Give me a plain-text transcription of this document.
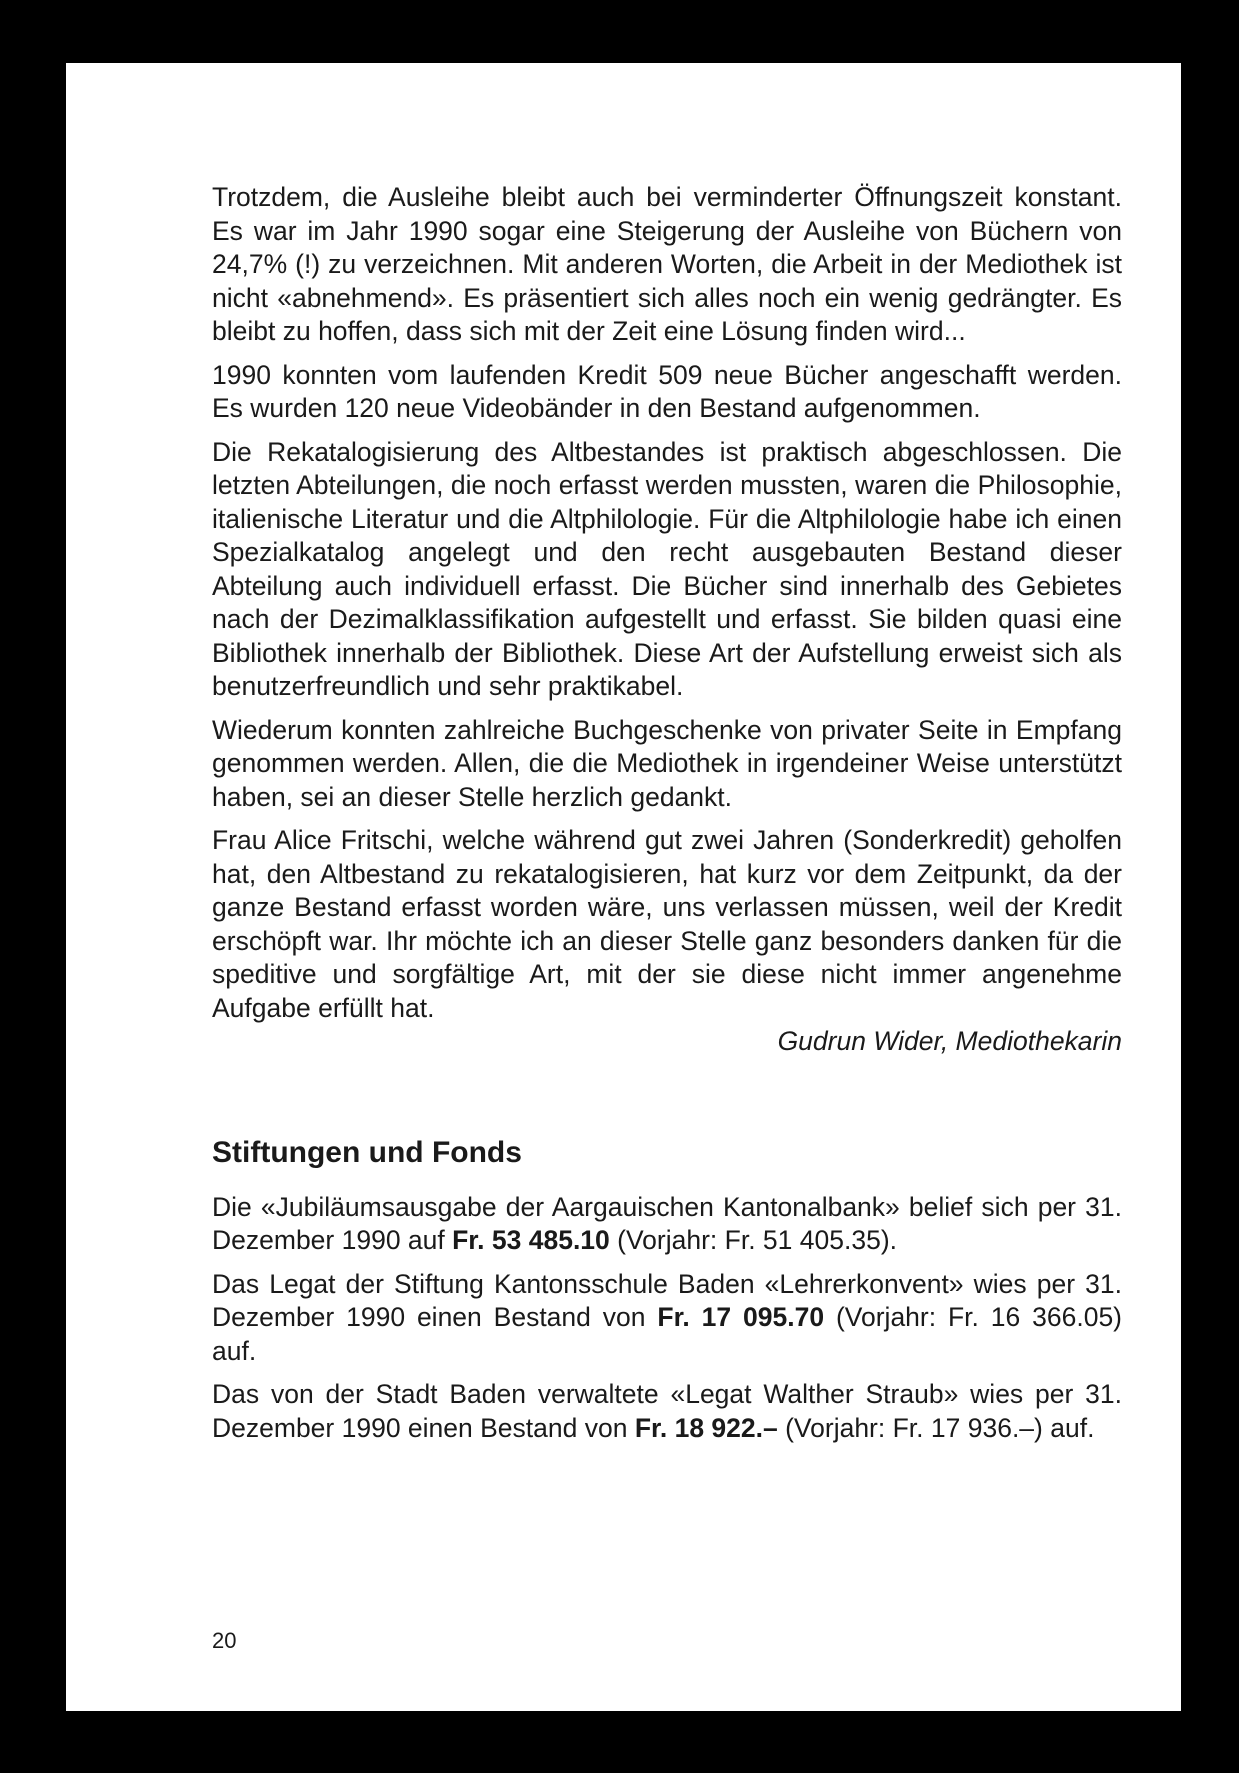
Trotzdem, die Ausleihe bleibt auch bei verminderter Öffnungszeit konstant. Es war im Jahr 1990 sogar eine Steigerung der Ausleihe von Büchern von 24,7% (!) zu verzeichnen. Mit anderen Worten, die Arbeit in der Mediothek ist nicht «abnehmend». Es präsentiert sich alles noch ein wenig gedrängter. Es bleibt zu hoffen, dass sich mit der Zeit eine Lösung finden wird...

1990 konnten vom laufenden Kredit 509 neue Bücher angeschafft werden. Es wurden 120 neue Videobänder in den Bestand aufgenommen.

Die Rekatalogisierung des Altbestandes ist praktisch abgeschlossen. Die letzten Abteilungen, die noch erfasst werden mussten, waren die Philosophie, italienische Literatur und die Altphilologie. Für die Altphilologie habe ich einen Spezialkatalog angelegt und den recht ausgebauten Bestand dieser Abteilung auch individuell erfasst. Die Bücher sind innerhalb des Gebietes nach der Dezimalklassifikation aufgestellt und erfasst. Sie bilden quasi eine Bibliothek innerhalb der Bibliothek. Diese Art der Aufstellung erweist sich als benutzerfreundlich und sehr praktikabel.

Wiederum konnten zahlreiche Buchgeschenke von privater Seite in Empfang genommen werden. Allen, die die Mediothek in irgendeiner Weise unterstützt haben, sei an dieser Stelle herzlich gedankt.

Frau Alice Fritschi, welche während gut zwei Jahren (Sonderkredit) geholfen hat, den Altbestand zu rekatalogisieren, hat kurz vor dem Zeitpunkt, da der ganze Bestand erfasst worden wäre, uns verlassen müssen, weil der Kredit erschöpft war. Ihr möchte ich an dieser Stelle ganz besonders danken für die speditive und sorgfältige Art, mit der sie diese nicht immer angenehme Aufgabe erfüllt hat.

Gudrun Wider, Mediothekarin

Stiftungen und Fonds

Die «Jubiläumsausgabe der Aargauischen Kantonalbank» belief sich per 31. Dezember 1990 auf Fr. 53 485.10 (Vorjahr: Fr. 51 405.35).

Das Legat der Stiftung Kantonsschule Baden «Lehrerkonvent» wies per 31. Dezember 1990 einen Bestand von Fr. 17 095.70 (Vorjahr: Fr. 16 366.05) auf.

Das von der Stadt Baden verwaltete «Legat Walther Straub» wies per 31. Dezember 1990 einen Bestand von Fr. 18 922.– (Vorjahr: Fr. 17 936.–) auf.

20
